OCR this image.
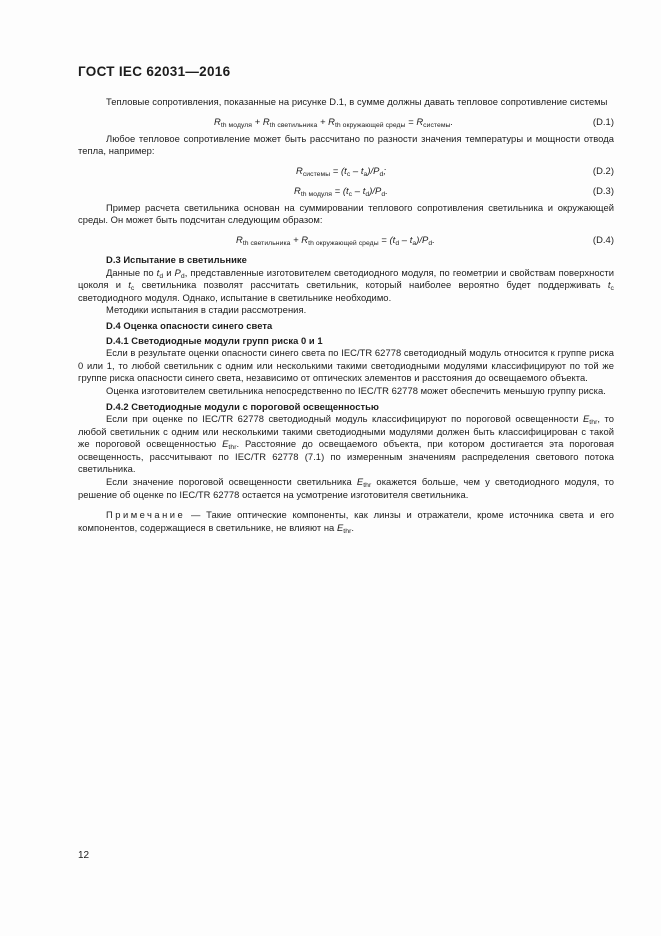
ГОСТ IEC 62031—2016

Тепловые сопротивления, показанные на рисунке D.1, в сумме должны давать тепловое сопротивление системы

$R_{th модуля} + R_{th светильника} + R_{th окружающей среды} = R_{системы}$.	(D.1)

Любое тепловое сопротивление может быть рассчитано по разности значения температуры и мощности отвода тепла, например:

$R_{системы} = (t_c - t_a)/P_d$;	(D.2)
$R_{th модуля} = (t_c - t_d)/P_d$.	(D.3)

Пример расчета светильника основан на суммировании теплового сопротивления светильника и окружающей среды. Он может быть подсчитан следующим образом:

$R_{th светильника} + R_{th окружающей среды} = (t_d - t_a)/P_d$.	(D.4)
D.3 Испытание в светильнике

Данные по $t_d$ и $P_d$, представленные изготовителем светодиодного модуля, по геометрии и свойствам поверхности цоколя и $t_c$ светильника позволят рассчитать светильник, который наиболее вероятно будет поддерживать $t_c$ светодиодного модуля. Однако, испытание в светильнике необходимо.

Методики испытания в стадии рассмотрения.

D.4 Оценка опасности синего света
D.4.1 Светодиодные модули групп риска 0 и 1

Если в результате оценки опасности синего света по IEC/TR 62778 светодиодный модуль относится к группе риска 0 или 1, то любой светильник с одним или несколькими такими светодиодными модулями классифицируют по той же группе риска опасности синего света, независимо от оптических элементов и расстояния до освещаемого объекта.

Оценка изготовителем светильника непосредственно по IEC/TR 62778 может обеспечить меньшую группу риска.

D.4.2 Светодиодные модули с пороговой освещенностью

Если при оценке по IEC/TR 62778 светодиодный модуль классифицируют по пороговой освещенности $E_{thr}$, то любой светильник с одним или несколькими такими светодиодными модулями должен быть классифицирован с такой же пороговой освещенностью $E_{thr}$. Расстояние до освещаемого объекта, при котором достигается эта пороговая освещенность, рассчитывают по IEC/TR 62778 (7.1) по измеренным значениям распределения светового потока светильника.

Если значение пороговой освещенности светильника $E_{thr}$ окажется больше, чем у светодиодного модуля, то решение об оценке по IEC/TR 62778 остается на усмотрение изготовителя светильника.

Примечание — Такие оптические компоненты, как линзы и отражатели, кроме источника света и его компонентов, содержащиеся в светильнике, не влияют на $E_{thr}$.

12
